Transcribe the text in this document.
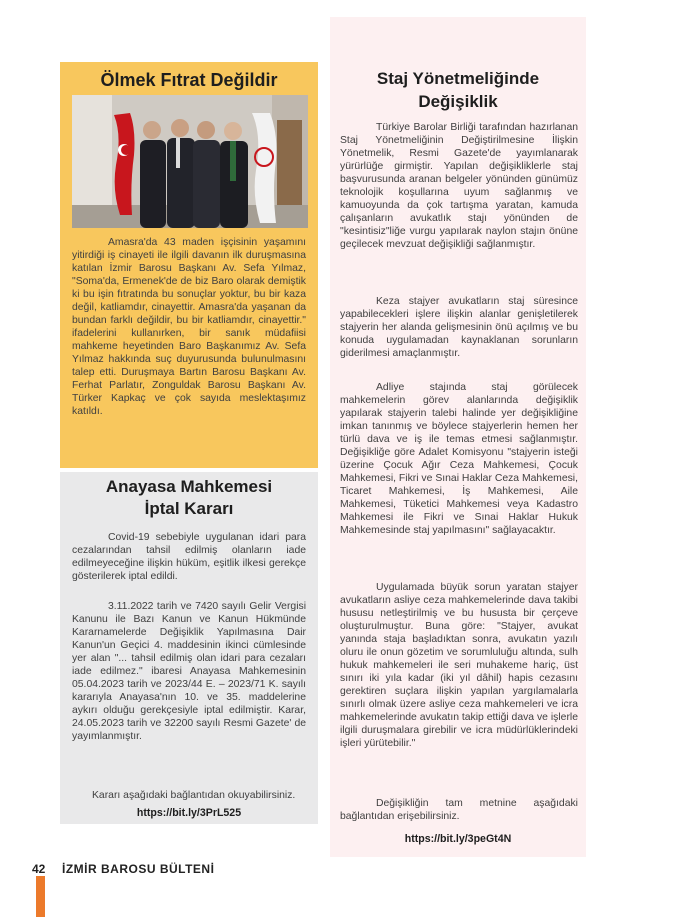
Ölmek Fıtrat Değildir

Amasra'da 43 maden işçisinin yaşamını yitirdiği iş cinayeti ile ilgili davanın ilk duruşmasına katılan İzmir Barosu Başkanı Av. Sefa Yılmaz, "Soma'da, Ermenek'de de biz Baro olarak demiştik ki bu işin fıtratında bu sonuçlar yoktur, bu bir kaza değil, katliamdır, cinayettir. Amasra'da yaşanan da bundan farklı değildir, bu bir katliamdır, cinayettir." ifadelerini kullanırken, bir sanık müdafiisi mahkeme heyetinden Baro Başkanımız Av. Sefa Yılmaz hakkında suç duyurusunda bulunulmasını talep etti. Duruşmaya Bartın Barosu Başkanı Av. Ferhat Parlatır, Zonguldak Barosu Başkanı Av. Türker Kapkaç ve çok sayıda meslektaşımız katıldı.

Anayasa Mahkemesi
İptal Kararı

Covid-19 sebebiyle uygulanan idari para cezalarından tahsil edilmiş olanların iade edilmeyeceğine ilişkin hüküm, eşitlik ilkesi gerekçe gösterilerek iptal edildi.

3.11.2022 tarih ve 7420 sayılı Gelir Vergisi Kanunu ile Bazı Kanun ve Kanun Hükmünde Kararnamelerde Değişiklik Yapılmasına Dair Kanun'un Geçici 4. maddesinin ikinci cümlesinde yer alan "... tahsil edilmiş olan idari para cezaları iade edilmez." ibaresi Anayasa Mahkemesinin 05.04.2023 tarih ve 2023/44 E. – 2023/71 K. sayılı kararıyla Anayasa'nın 10. ve 35. maddelerine aykırı olduğu gerekçesiyle iptal edilmiştir. Karar, 24.05.2023 tarih ve 32200 sayılı Resmi Gazete' de yayımlanmıştır.

Kararı aşağıdaki bağlantıdan okuyabilirsiniz.

https://bit.ly/3PrL525
Staj Yönetmeliğinde
Değişiklik

Türkiye Barolar Birliği tarafından hazırlanan Staj Yönetmeliğinin Değiştirilmesine İlişkin Yönetmelik, Resmi Gazete'de yayımlanarak yürürlüğe girmiştir. Yapılan değişikliklerle staj başvurusunda aranan belgeler yönünden günümüz teknolojik koşullarına uyum sağlanmış ve kamuoyunda da çok tartışma yaratan, kamuda çalışanların avukatlık stajı yönünden de "kesintisiz"liğe vurgu yapılarak naylon stajın önüne geçilecek mevzuat değişikliği sağlanmıştır.

Keza stajyer avukatların staj süresince yapabilecekleri işlere ilişkin alanlar genişletilerek stajyerin her alanda gelişmesinin önü açılmış ve bu konuda uygulamadan kaynaklanan sorunların giderilmesi amaçlanmıştır.

Adliye stajında staj görülecek mahkemelerin görev alanlarında değişiklik yapılarak stajyerin talebi halinde yer değişikliğine imkan tanınmış ve böylece stajyerlerin hemen her türlü dava ve iş ile temas etmesi sağlanmıştır. Değişikliğe göre Adalet Komisyonu "stajyerin isteği üzerine Çocuk Ağır Ceza Mahkemesi, Çocuk Mahkemesi, Fikri ve Sınai Haklar Ceza Mahkemesi, Ticaret Mahkemesi, İş Mahkemesi, Aile Mahkemesi, Tüketici Mahkemesi veya Kadastro Mahkemesi ile Fikri ve Sınai Haklar Hukuk Mahkemesinde staj yapılmasını" sağlayacaktır.

Uygulamada büyük sorun yaratan stajyer avukatların asliye ceza mahkemelerinde dava takibi hususu netleştirilmiş ve bu hususta bir çerçeve oluşturulmuştur. Buna göre: "Stajyer, avukat yanında staja başladıktan sonra, avukatın yazılı oluru ile onun gözetim ve sorumluluğu altında, sulh hukuk mahkemeleri ile seri muhakeme hariç, üst sınırı iki yıla kadar (iki yıl dâhil) hapis cezasını gerektiren suçlara ilişkin yapılan yargılamalarla sınırlı olmak üzere asliye ceza mahkemeleri ve icra mahkemelerinde avukatın takip ettiği dava ve işlerle ilgili duruşmalara girebilir ve icra müdürlüklerindeki işleri yürütebilir."

Değişikliğin tam metnine aşağıdaki bağlantıdan erişebilirsiniz.

https://bit.ly/3peGt4N
42 İZMİR BAROSU BÜLTENİ
